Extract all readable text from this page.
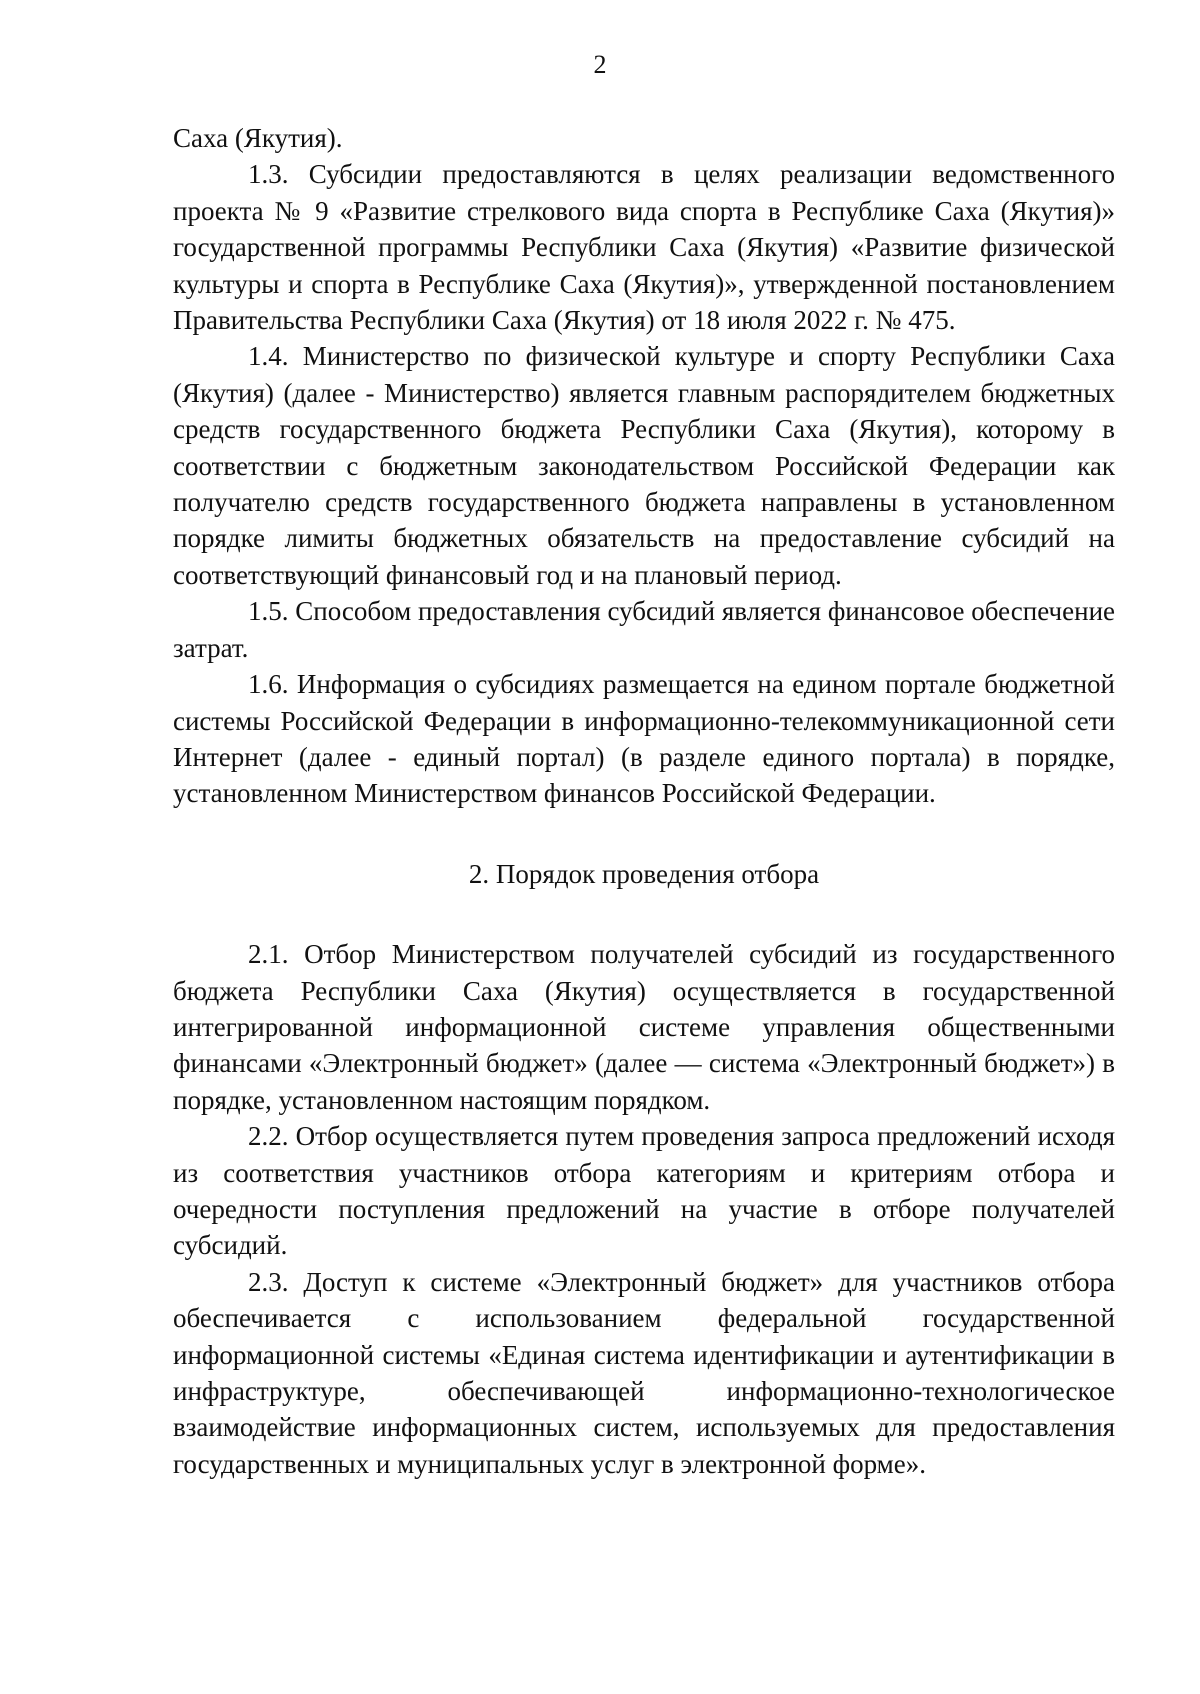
2

Саха (Якутия).

1.3. Субсидии предоставляются в целях реализации ведомственного проекта № 9 «Развитие стрелкового вида спорта в Республике Саха (Якутия)» государственной программы Республики Саха (Якутия) «Развитие физической культуры и спорта в Республике Саха (Якутия)», утвержденной постановлением Правительства Республики Саха (Якутия) от 18 июля 2022 г. № 475.

1.4. Министерство по физической культуре и спорту Республики Саха (Якутия) (далее - Министерство) является главным распорядителем бюджетных средств государственного бюджета Республики Саха (Якутия), которому в соответствии с бюджетным законодательством Российской Федерации как получателю средств государственного бюджета направлены в установленном порядке лимиты бюджетных обязательств на предоставление субсидий на соответствующий финансовый год и на плановый период.

1.5. Способом предоставления субсидий является финансовое обеспечение затрат.

1.6. Информация о субсидиях размещается на едином портале бюджетной системы Российской Федерации в информационно-телекоммуникационной сети Интернет (далее - единый портал) (в разделе единого портала) в порядке, установленном Министерством финансов Российской Федерации.

2. Порядок проведения отбора

2.1. Отбор Министерством получателей субсидий из государственного бюджета Республики Саха (Якутия) осуществляется в государственной интегрированной информационной системе управления общественными финансами «Электронный бюджет» (далее — система «Электронный бюджет») в порядке, установленном настоящим порядком.

2.2. Отбор осуществляется путем проведения запроса предложений исходя из соответствия участников отбора категориям и критериям отбора и очередности поступления предложений на участие в отборе получателей субсидий.

2.3. Доступ к системе «Электронный бюджет» для участников отбора обеспечивается с использованием федеральной государственной информационной системы «Единая система идентификации и аутентификации в инфраструктуре, обеспечивающей информационно-технологическое взаимодействие информационных систем, используемых для предоставления государственных и муниципальных услуг в электронной форме».
